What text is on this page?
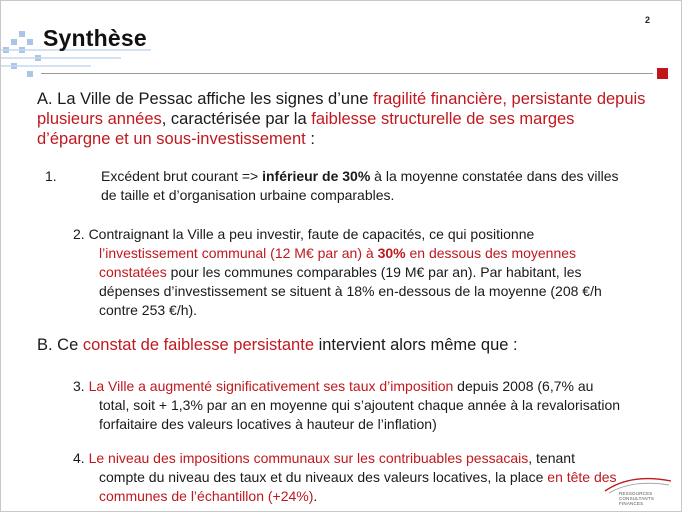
Synthèse
2
A. La Ville de Pessac affiche les signes d’une fragilité financière, persistante depuis plusieurs années, caractérisée par la faiblesse structurelle de ses marges d’épargne et un sous-investissement :
1.	Excédent brut courant => inférieur de 30% à la moyenne constatée dans des villes de taille et d’organisation urbaine comparables.
2. Contraignant la Ville a peu investir, faute de capacités, ce qui positionne
l’investissement communal (12 M€ par an) à 30% en dessous des moyennes constatées pour les communes comparables (19 M€ par an). Par habitant, les dépenses d’investissement se situent à 18% en-dessous de la moyenne (208 €/h contre 253 €/h).
B. Ce constat de faiblesse persistante intervient alors même que :
3. La Ville a augmenté significativement ses taux d’imposition depuis 2008 (6,7% au
total, soit + 1,3% par an en moyenne qui s’ajoutent chaque année à la revalorisation forfaitaire des valeurs locatives à hauteur de l’inflation)
4. Le niveau des impositions communaux sur les contribuables pessacais, tenant
compte du niveau des taux et du niveaux des valeurs locatives, la place en tête des communes de l’échantillon (+24%).	RESSOURCES
CONSULTANTS
FINANCES
